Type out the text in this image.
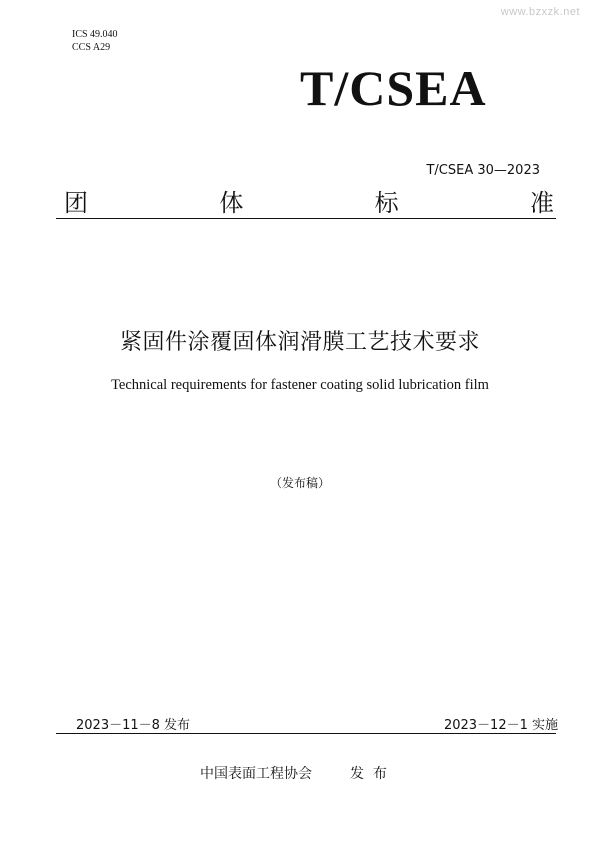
www.bzxzk.net
ICS 49.040
CCS A29
T/CSEA
T/CSEA 30—2023
团	体	标	准
紧固件涂覆固体润滑膜工艺技术要求
Technical requirements for fastener coating solid lubrication film
（发布稿）
2023－11－8 发布	2023－12－1 实施
中国表面工程协会	发  布
